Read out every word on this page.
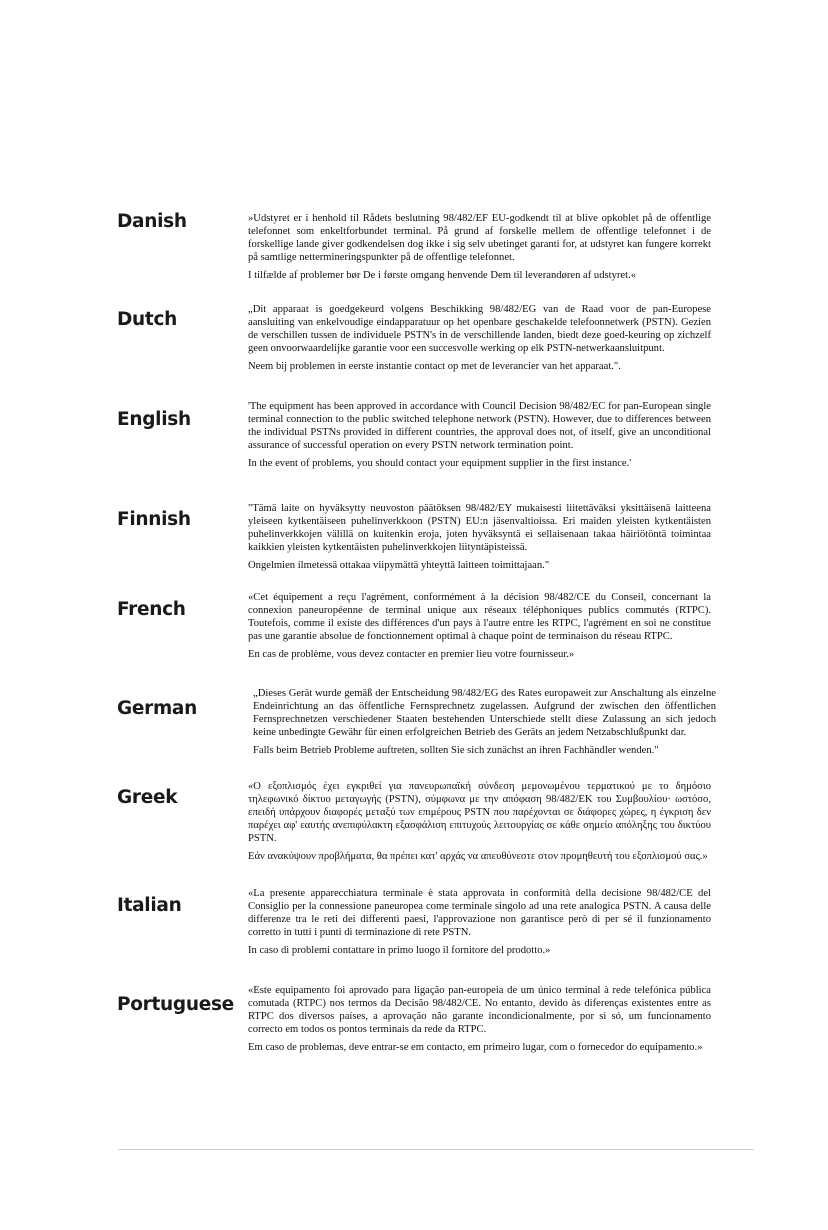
Danish	»Udstyret er i henhold til Rådets beslutning 98/482/EF EU-godkendt til at blive opkoblet på de offentlige telefonnet som enkeltforbundet terminal. På grund af forskelle mellem de offentlige telefonnet i de forskellige lande giver godkendelsen dog ikke i sig selv ubetinget garanti for, at udstyret kan fungere korrekt på samtlige nettermineringspunkter på de offentlige telefonnet.

I tilfælde af problemer bør De i første omgang henvende Dem til leverandøren af udstyret.«

Dutch	„Dit apparaat is goedgekeurd volgens Beschikking 98/482/EG van de Raad voor de pan-Europese aansluiting van enkelvoudige eindapparatuur op het openbare geschakelde telefoonnetwerk (PSTN). Gezien de verschillen tussen de individuele PSTN's in de verschillende landen, biedt deze goed-keuring op zichzelf geen onvoorwaardelijke garantie voor een succesvolle werking op elk PSTN-netwerkaansluitpunt.

Neem bij problemen in eerste instantie contact op met de leverancier van het apparaat.".

English

'The equipment has been approved in accordance with Council Decision 98/482/EC for pan-European single terminal connection to the public switched telephone network (PSTN). However, due to differences between the individual PSTNs provided in different countries, the approval does not, of itself, give an unconditional assurance of successful operation on every PSTN network termination point.

In the event of problems, you should contact your equipment supplier in the first instance.'

Finnish

"Tämä laite on hyväksytty neuvoston päätöksen 98/482/EY mukaisesti liitettäväksi yksittäisenä laitteena yleiseen kytkentäiseen puhelinverkkoon (PSTN) EU:n jäsenvaltioissa. Eri maiden yleisten kytkentäisten puhelinverkkojen välillä on kuitenkin eroja, joten hyväksyntä ei sellaisenaan takaa häiriötöntä toimintaa kaikkien yleisten kytkentäisten puhelinverkkojen liityntäpisteissä.

Ongelmien ilmetessä ottakaa viipymättä yhteyttä laitteen toimittajaan."

French

«Cet équipement a reçu l'agrément, conformément à la décision 98/482/CE du Conseil, concernant la connexion paneuropéenne de terminal unique aux réseaux téléphoniques publics commutés (RTPC). Toutefois, comme il existe des différences d'un pays à l'autre entre les RTPC, l'agrément en soi ne constitue pas une garantie absolue de fonctionnement optimal à chaque point de terminaison du réseau RTPC.

En cas de problème, vous devez contacter en premier lieu votre fournisseur.»

German

„Dieses Gerät wurde gemäß der Entscheidung 98/482/EG des Rates europaweit zur Anschaltung als einzelne Endeinrichtung an das öffentliche Fernsprechnetz zugelassen. Aufgrund der zwischen den öffentlichen Fernsprechnetzen verschiedener Staaten bestehenden Unterschiede stellt diese Zulassung an sich jedoch keine unbedingte Gewähr für einen erfolgreichen Betrieb des Geräts an jedem Netzabschlußpunkt dar.

Falls beim Betrieb Probleme auftreten, sollten Sie sich zunächst an ihren Fachhändler wenden."

Greek

«Ο εξοπλισμός έχει εγκριθεί για πανευρωπαϊκή σύνδεση μεμονωμένου τερματικού με το δημόσιο τηλεφωνικό δίκτυο μεταγωγής (PSTN), σύμφωνα με την απόφαση 98/482/ΕΚ του Συμβουλίου· ωστόσο, επειδή υπάρχουν διαφορές μεταξύ των επιμέρους PSTN που παρέχονται σε διάφορες χώρες, η έγκριση δεν παρέχει αφ' εαυτής ανεπιφύλακτη εξασφάλιση επιτυχούς λειτουργίας σε κάθε σημείο απόληξης του δικτύου PSTN.

Εάν ανακύψουν προβλήματα, θα πρέπει κατ' αρχάς να απευθύνεστε στον προμηθευτή του εξοπλισμού σας.»

Italian

«La presente apparecchiatura terminale è stata approvata in conformità della decisione 98/482/CE del Consiglio per la connessione paneuropea come terminale singolo ad una rete analogica PSTN. A causa delle differenze tra le reti dei differenti paesi, l'approvazione non garantisce però di per sé il funzionamento corretto in tutti i punti di terminazione di rete PSTN.

In caso di problemi contattare in primo luogo il fornitore del prodotto.»

Portuguese

«Este equipamento foi aprovado para ligação pan-europeia de um único terminal à rede telefónica pública comutada (RTPC) nos termos da Decisão 98/482/CE. No entanto, devido às diferenças existentes entre as RTPC dos diversos países, a aprovação não garante incondicionalmente, por si só, um funcionamento correcto em todos os pontos terminais da rede da RTPC.

Em caso de problemas, deve entrar-se em contacto, em primeiro lugar, com o fornecedor do equipamento.»
